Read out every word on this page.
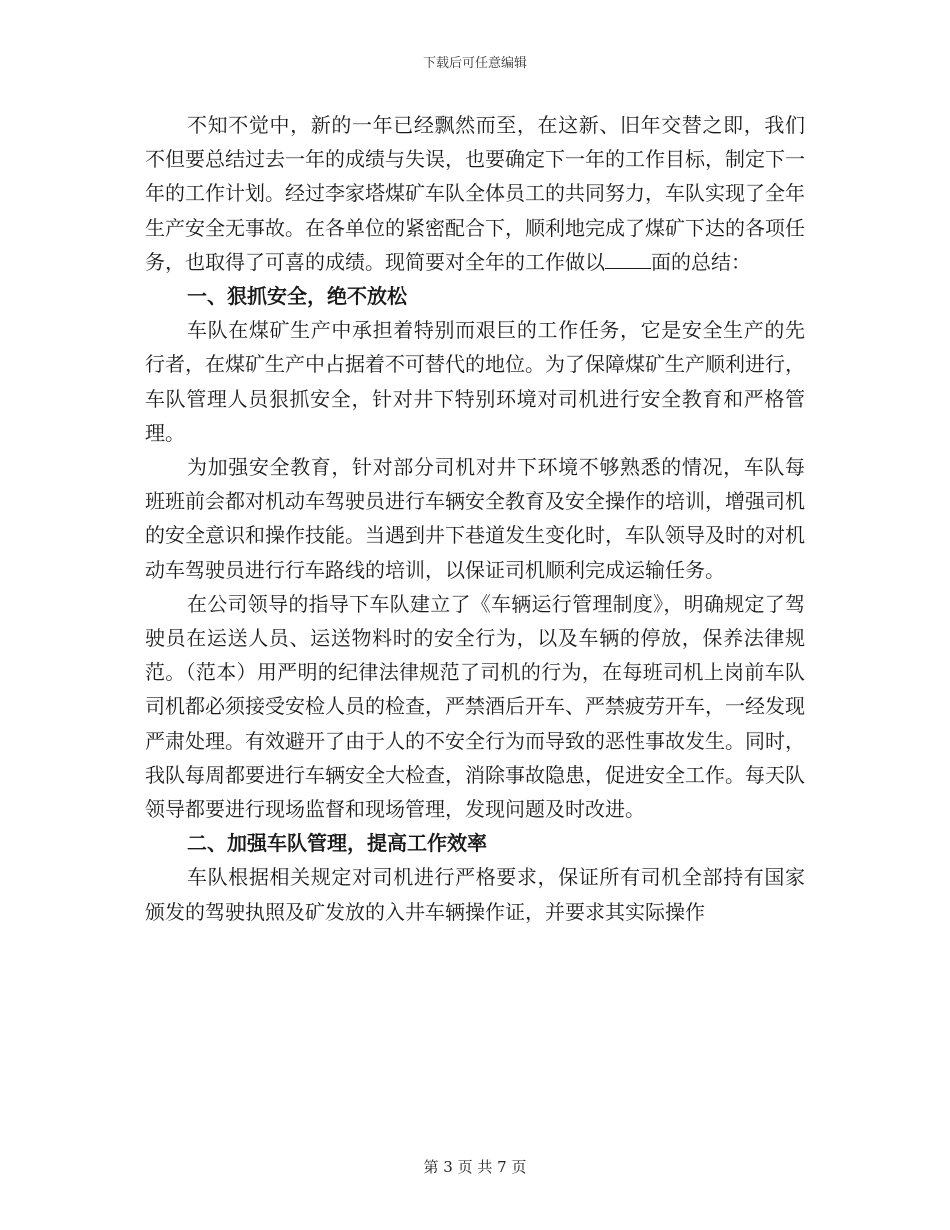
下载后可任意编辑

不知不觉中，新的一年已经飘然而至，在这新、旧年交替之即，我们不但要总结过去一年的成绩与失误，也要确定下一年的工作目标，制定下一年的工作计划。经过李家塔煤矿车队全体员工的共同努力，车队实现了全年生产安全无事故。在各单位的紧密配合下，顺利地完成了煤矿下达的各项任务，也取得了可喜的成绩。现简要对全年的工作做以 面的总结：

一、狠抓安全，绝不放松

车队在煤矿生产中承担着特别而艰巨的工作任务，它是安全生产的先行者，在煤矿生产中占据着不可替代的地位。为了保障煤矿生产顺利进行，车队管理人员狠抓安全，针对井下特别环境对司机进行安全教育和严格管理。

为加强安全教育，针对部分司机对井下环境不够熟悉的情况，车队每班班前会都对机动车驾驶员进行车辆安全教育及安全操作的培训，增强司机的安全意识和操作技能。当遇到井下巷道发生变化时，车队领导及时的对机动车驾驶员进行行车路线的培训，以保证司机顺利完成运输任务。

在公司领导的指导下车队建立了《车辆运行管理制度》，明确规定了驾驶员在运送人员、运送物料时的安全行为，以及车辆的停放，保养法律规范。（范本）用严明的纪律法律规范了司机的行为，在每班司机上岗前车队司机都必须接受安检人员的检查，严禁酒后开车、严禁疲劳开车，一经发现严肃处理。有效避开了由于人的不安全行为而导致的恶性事故发生。同时，我队每周都要进行车辆安全大检查，消除事故隐患，促进安全工作。每天队领导都要进行现场监督和现场管理，发现问题及时改进。

二、加强车队管理，提高工作效率

车队根据相关规定对司机进行严格要求，保证所有司机全部持有国家颁发的驾驶执照及矿发放的入井车辆操作证，并要求其实际操作

第 3 页 共 7 页
